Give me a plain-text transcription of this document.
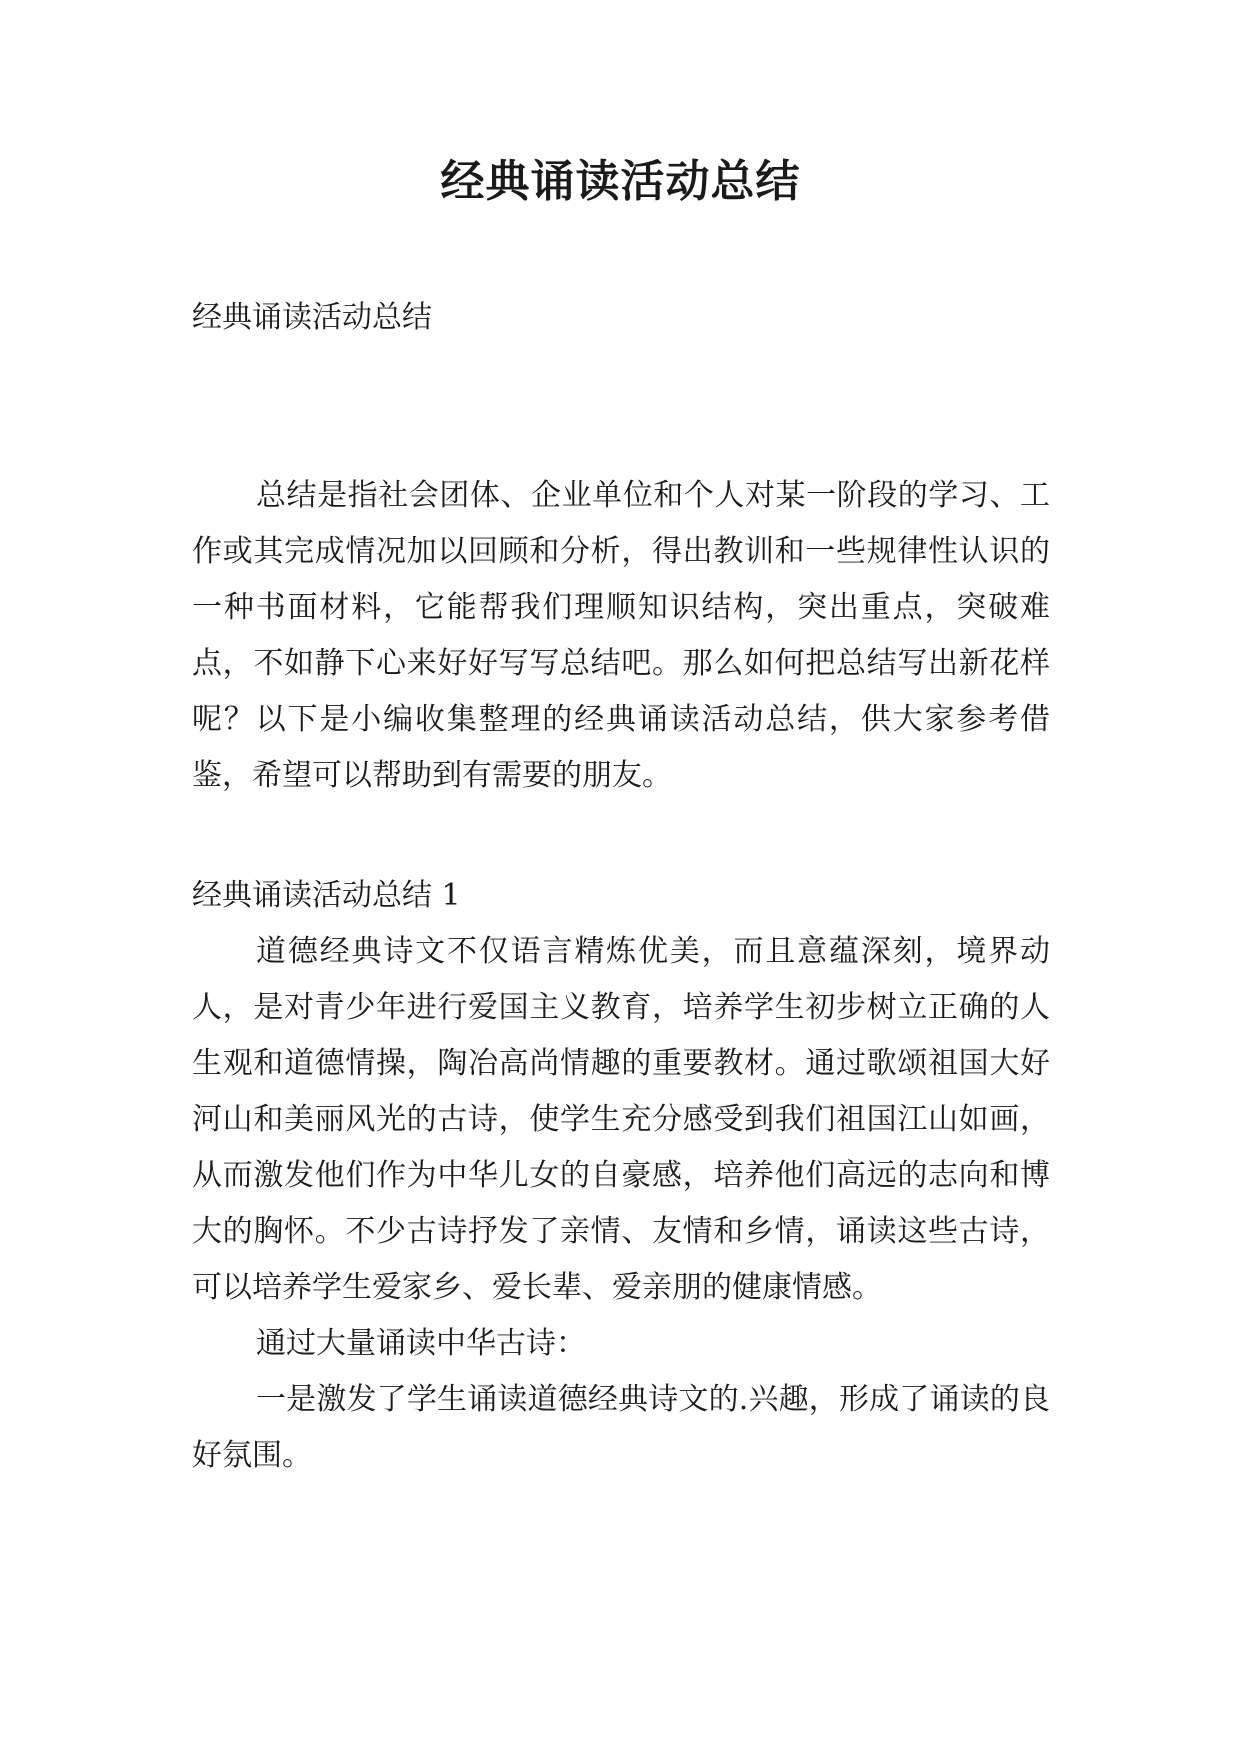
经典诵读活动总结

经典诵读活动总结

总结是指社会团体、企业单位和个人对某一阶段的学习、工作或其完成情况加以回顾和分析，得出教训和一些规律性认识的一种书面材料，它能帮我们理顺知识结构，突出重点，突破难点，不如静下心来好好写写总结吧。那么如何把总结写出新花样呢？以下是小编收集整理的经典诵读活动总结，供大家参考借鉴，希望可以帮助到有需要的朋友。

经典诵读活动总结 1

道德经典诗文不仅语言精炼优美，而且意蕴深刻，境界动人，是对青少年进行爱国主义教育，培养学生初步树立正确的人生观和道德情操，陶冶高尚情趣的重要教材。通过歌颂祖国大好河山和美丽风光的古诗，使学生充分感受到我们祖国江山如画，从而激发他们作为中华儿女的自豪感，培养他们高远的志向和博大的胸怀。不少古诗抒发了亲情、友情和乡情，诵读这些古诗，可以培养学生爱家乡、爱长辈、爱亲朋的健康情感。

通过大量诵读中华古诗：

一是激发了学生诵读道德经典诗文的.兴趣，形成了诵读的良好氛围。
